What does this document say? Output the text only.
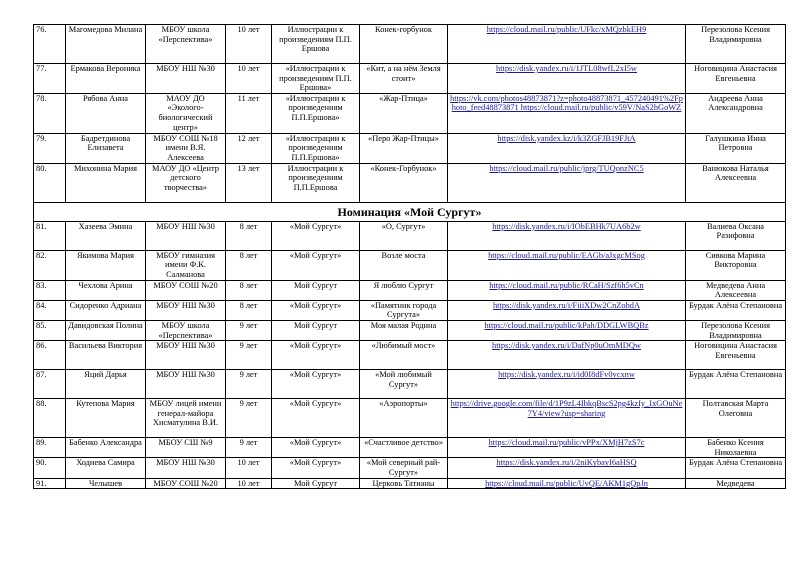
76.	Магомедова Милана	МБОУ школа «Перспектива»	10 лет	Иллюстрации к произведениям П.П. Ершова	Конек-горбунок	https://cloud.mail.ru/public/UFkc/xMQzbkEH9	Перезолова Ксения Владимировна
77.	Ермакова Вероника	МБОУ НШ №30	10 лет	«Иллюстрации к произведениям П.П. Ершова»	«Кит, а на нём Земля стоит»	https://disk.yandex.ru/i/1JTL08wfL2xI5w	Ноговицина Анастасия Евгеньевна
78.	Рябова Анна	МАОУ ДО «Эколого-биологический центр»	11 лет	«Иллюстрации к произведениям П.П.Ершова»	«Жар-Птица»	https://vk.com/photos48873871?z=photo48873871_457240491%2Fphoto_feed48873871 https://cloud.mail.ru/public/v59V/NaS2hGoWZ	Андреева Анна Александровна
79.	Бадретдинова Елизавета	МБОУ СОШ №18 имени В.Я. Алексеева	12 лет	«Иллюстрации к произведениям П.П.Ершова»	«Перо Жар-Птицы»	https://disk.yandex.kz/i/k3ZGFJB19FJtA	Галушкина Инна Петровна
80.	Михонина Мария	МАОУ ДО «Центр детского творчества»	13 лет	Иллюстрации к произведениям П.П.Ершова	«Конек-Горбунок»	https://cloud.mail.ru/public/jprg/TUQonzNC5	Ванюкова Наталья Алексеевна
Номинация «Мой Сургут»							
81.	Хазеева Эмина	МБОУ НШ №30	8 лет	«Мой Сургут»	«О, Сургут»	https://disk.yandex.ru/i/IObEBHk7UA6b2w	Валиева Оксана Разифовна
82.	Якимова Мария	МБОУ гимназия имени Ф.К. Салманова	8 лет	«Мой Сургут»	Возле моста	https://cloud.mail.ru/public/EAGb/aJxgcMSog	Сивкова Марина Викторовна
83.	Чехлова Арина	МБОУ СОШ №20	8 лет	Мой Сургут	Я люблю Сургут	https://cloud.mail.ru/public/RCaH/Szf6h5vCn	Медведева Анна Алексеевна
84.	Сидоренко Адриана	МБОУ НШ №30	8 лет	«Мой Сургут»	«Памятник города Сургута»	https://disk.yandex.ru/i/FiiiXDw2CnZohdA	Бурдак Алёна Степановна
85.	Давидовская Полина	МБОУ школа «Перспектива»	9 лет	Мой Сургут	Моя малая Родина	https://cloud.mail.ru/public/kPah/DDGLWBQBz	Перезолова Ксения Владимировна
86.	Васильева Виктория	МБОУ НШ №30	9 лет	«Мой Сургут»	«Любимый мост»	https://disk.yandex.ru/i/DafNp0uOmMDQw	Ноговицина Анастасия Евгеньевна
87.	Яций Дарья	МБОУ НШ №30	9 лет	«Мой Сургут»	«Мой любимый Сургут»	https://disk.yandex.ru/i/id0I8dFv0vcxnw	Бурдак Алёна Степановна
88.	Кутепова Мария	МБОУ лицей имени генерал-майора Хисматулина В.И.	9 лет	«Мой Сургут»	«Аэропорты»	https://drive.google.com/file/d/1P9zL4IbkqBscS2pg4kzIy_IxGOuNe7Y4/view?usp=sharing	Полтавская Марта Олеговна
89.	Бабенко Александра	МБОУ СШ №9	9 лет	«Мой Сургут»	«Счастливое детство»	https://cloud.mail.ru/public/vPPx/XMjH7zS7c	Бабенко Ксения Николаевна
90.	Ходиева Самира	МБОУ НШ №30	10 лет	«Мой Сургут»	«Мой северный рай-Сургут»	https://disk.yandex.ru/i/2niKybayI6aHSQ	Бурдак Алёна Степановна
91.	Челышев	МБОУ СОШ №20	10 лет	Мой Сургут	Церковь Татианы	https://cloud.mail.ru/public/UvQE/AKM1gQpJn	Медведева
